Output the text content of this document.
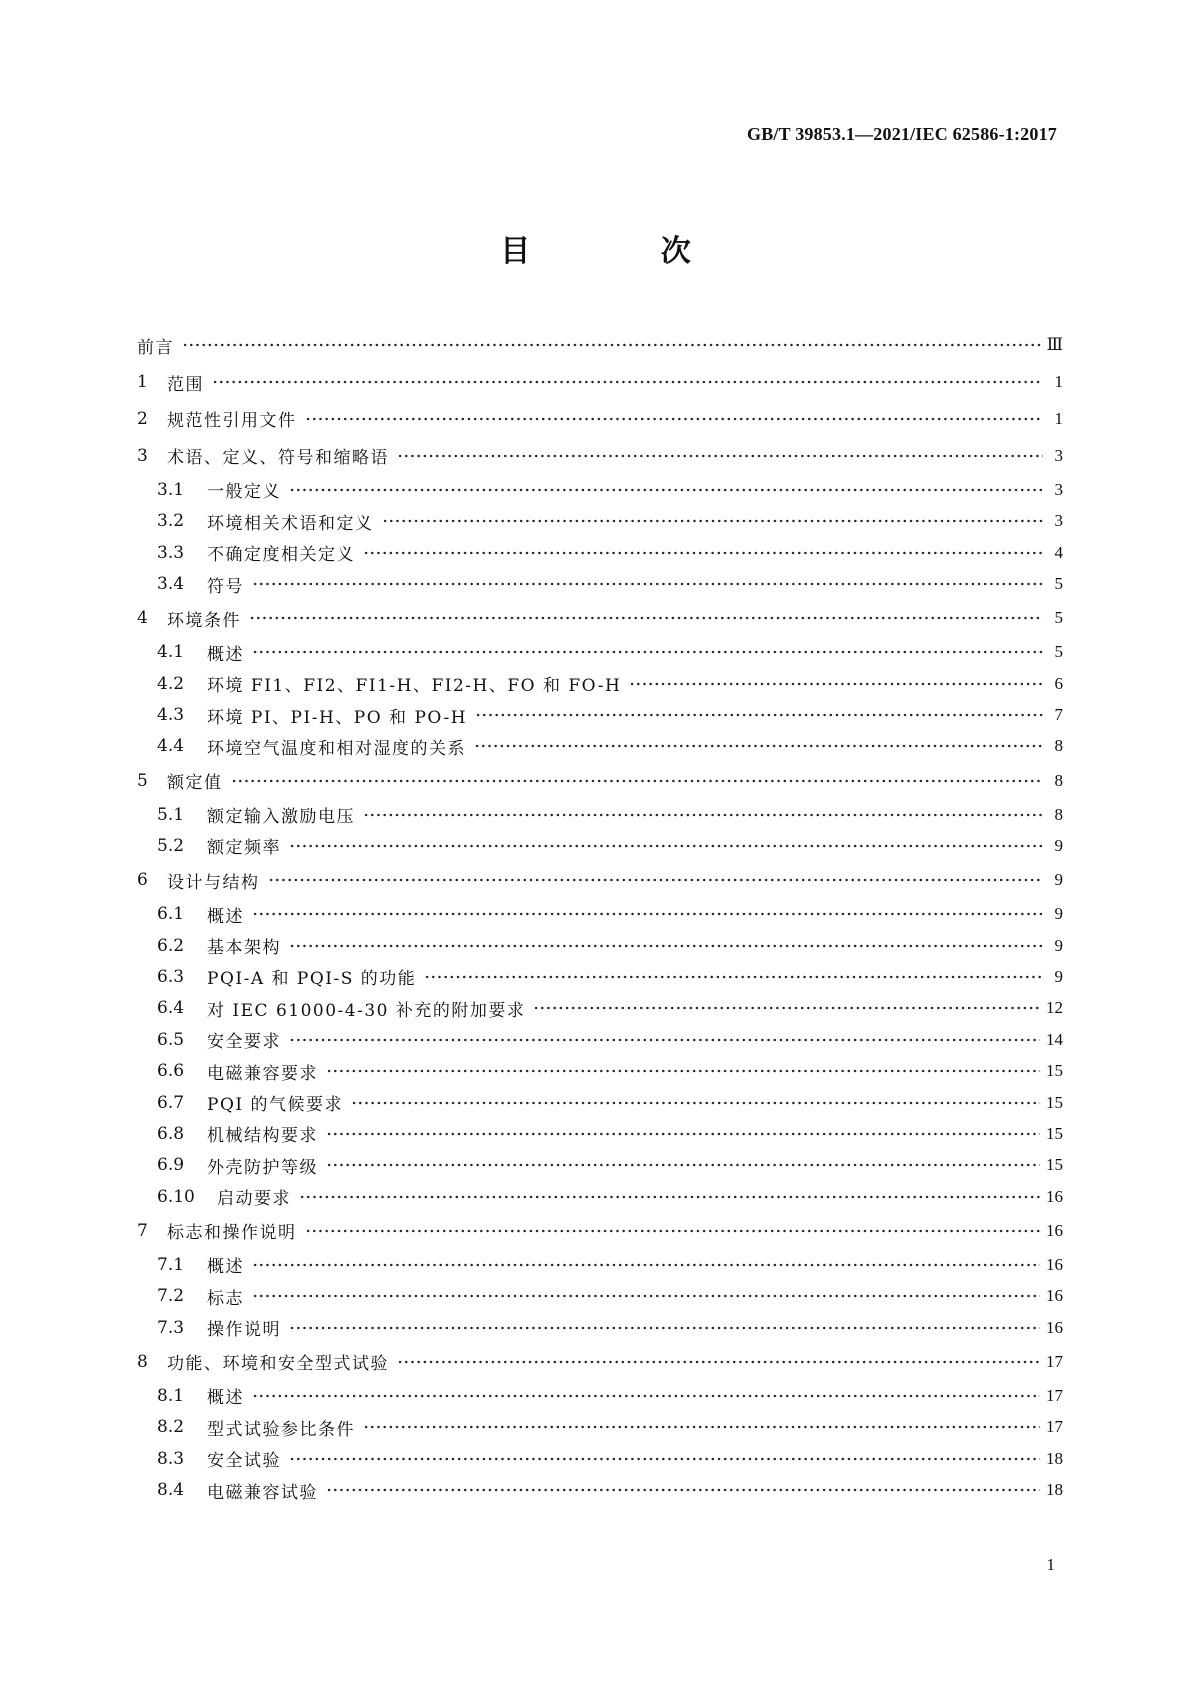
GB/T 39853.1—2021/IEC 62586-1:2017
目 次
前言	Ⅲ
1	范围	1
2	规范性引用文件	1
3	术语、定义、符号和缩略语	3
3.1	一般定义	3
3.2	环境相关术语和定义	3
3.3	不确定度相关定义	4
3.4	符号	5
4	环境条件	5
4.1	概述	5
4.2	环境 FI1、FI2、FI1-H、FI2-H、FO 和 FO-H	6
4.3	环境 PI、PI-H、PO 和 PO-H	7
4.4	环境空气温度和相对湿度的关系	8
5	额定值	8
5.1	额定输入激励电压	8
5.2	额定频率	9
6	设计与结构	9
6.1	概述	9
6.2	基本架构	9
6.3	PQI-A 和 PQI-S 的功能	9
6.4	对 IEC 61000-4-30 补充的附加要求	12
6.5	安全要求	14
6.6	电磁兼容要求	15
6.7	PQI 的气候要求	15
6.8	机械结构要求	15
6.9	外壳防护等级	15
6.10	启动要求	16
7	标志和操作说明	16
7.1	概述	16
7.2	标志	16
7.3	操作说明	16
8	功能、环境和安全型式试验	17
8.1	概述	17
8.2	型式试验参比条件	17
8.3	安全试验	18
8.4	电磁兼容试验	18
1
